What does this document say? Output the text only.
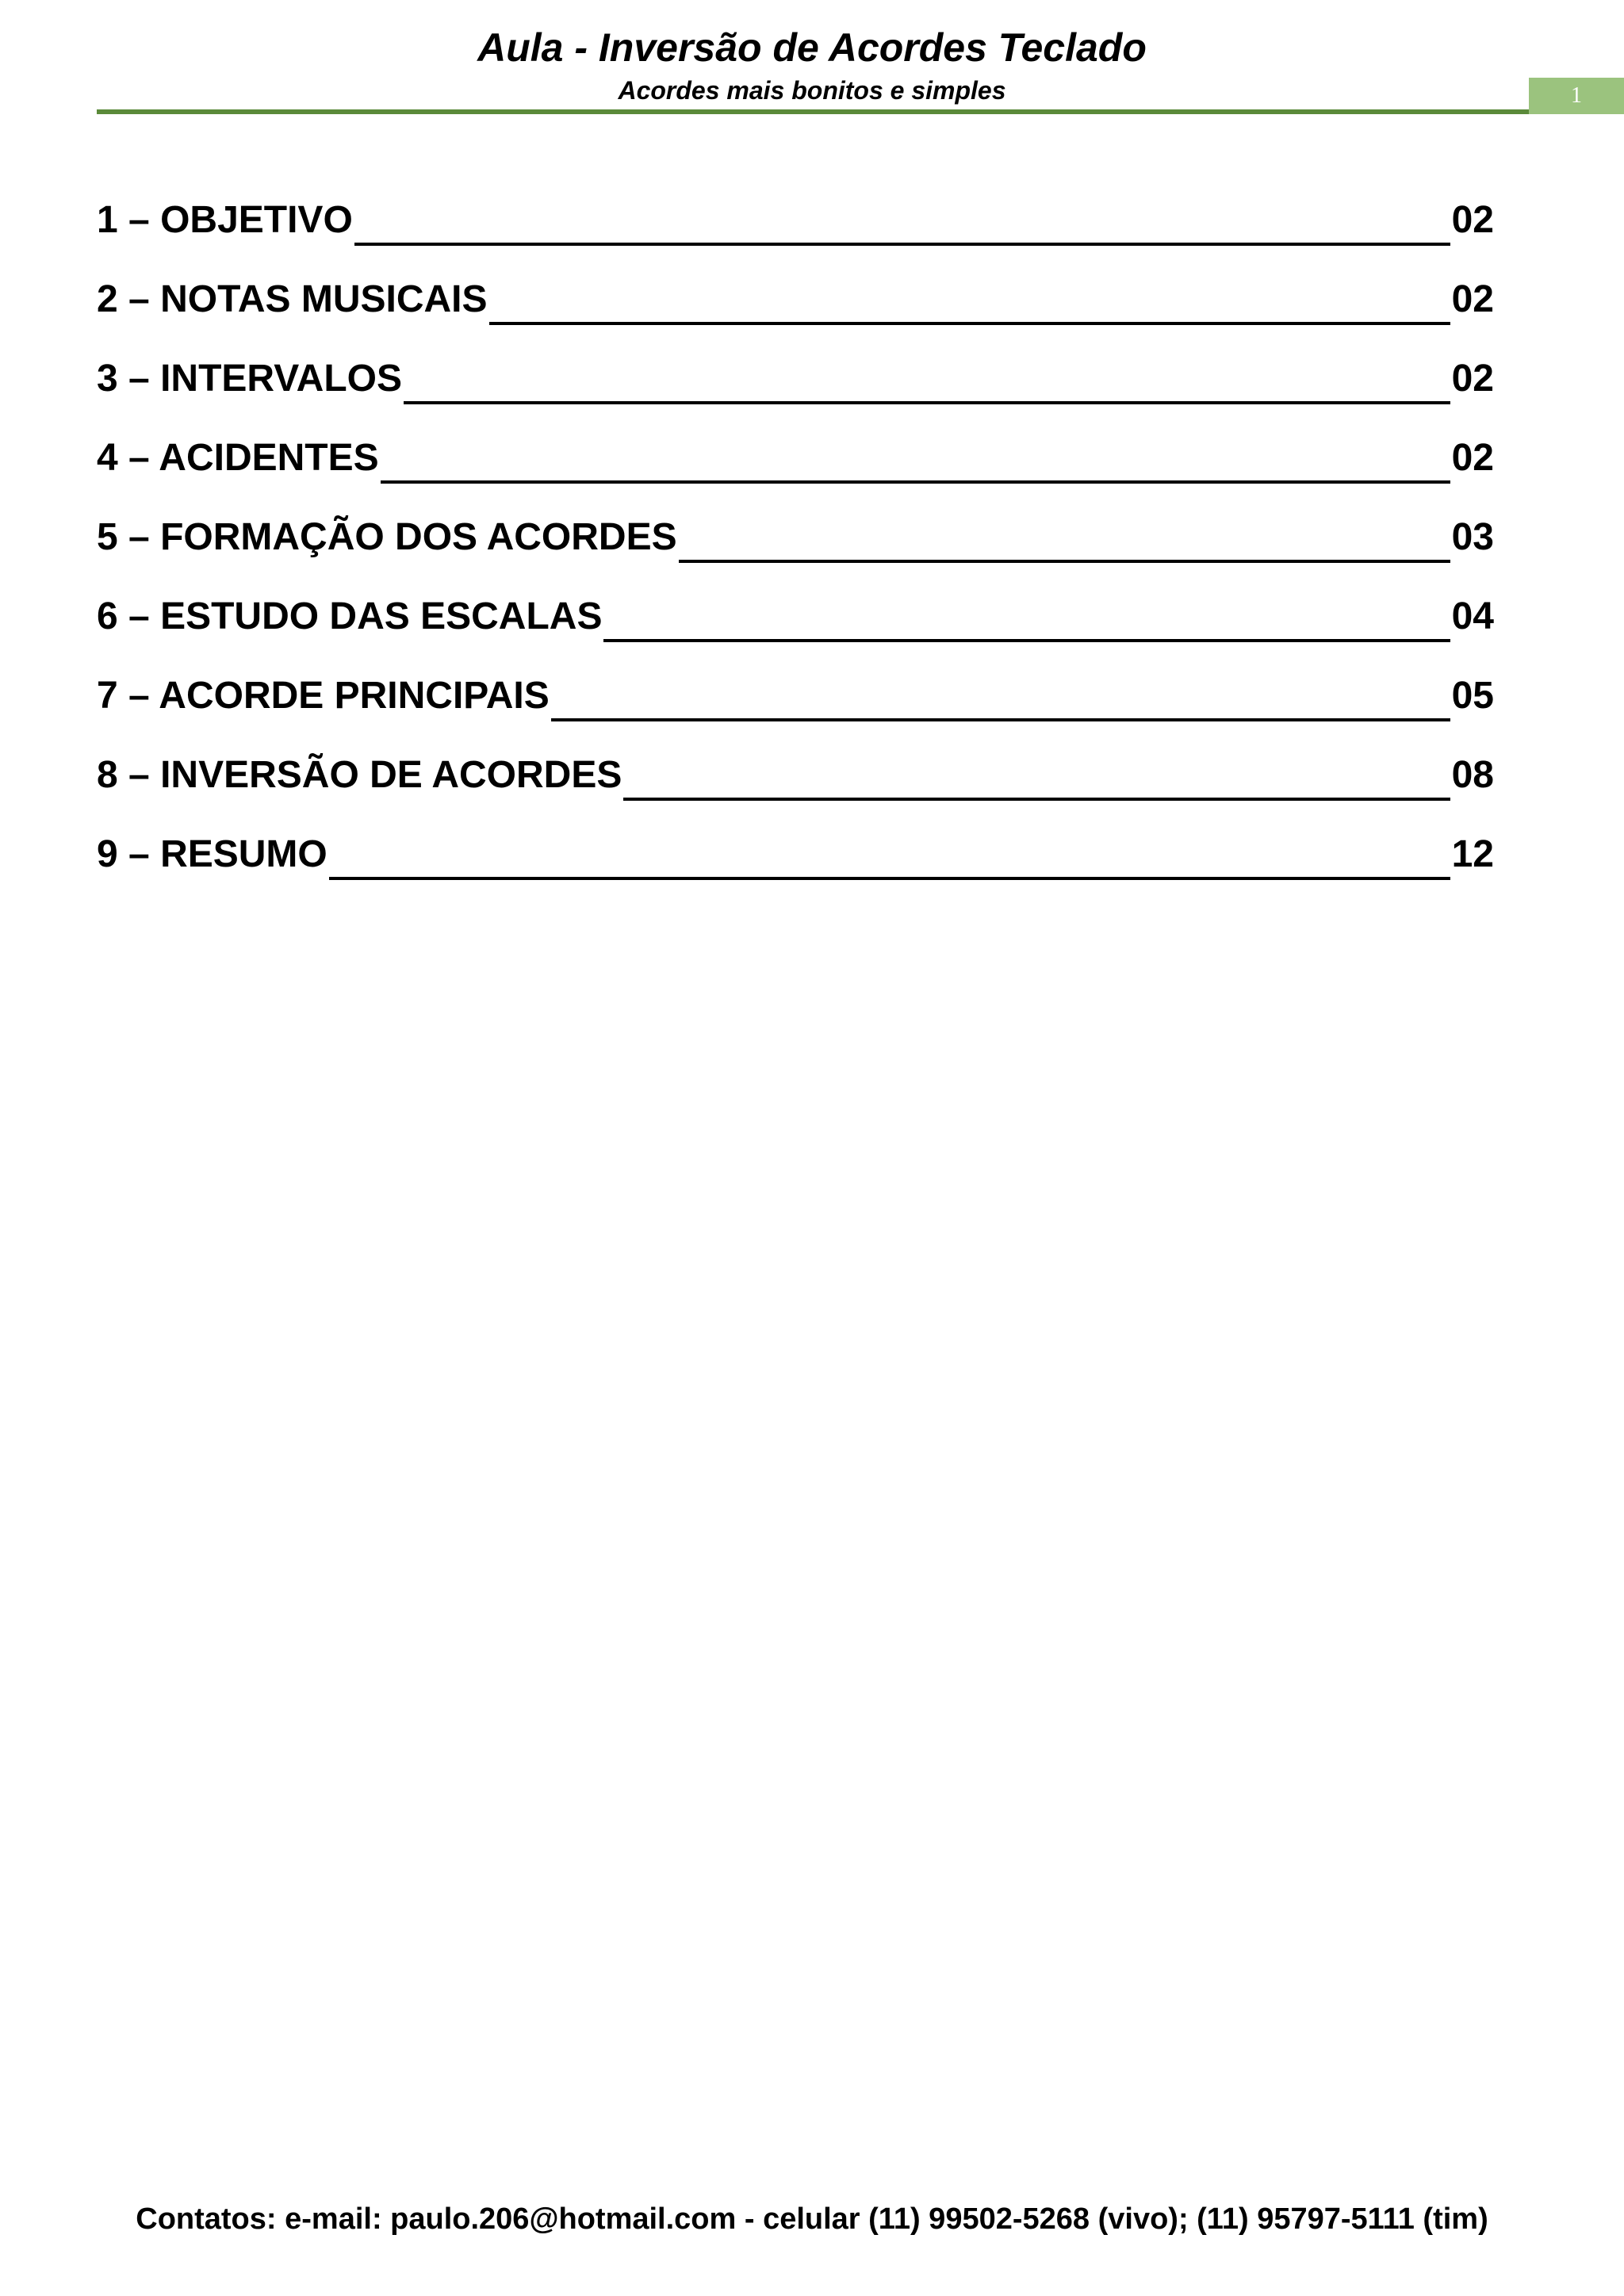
Aula - Inversão de Acordes Teclado
Acordes mais bonitos e simples	1
1 – OBJETIVO	02
2 – NOTAS MUSICAIS	02
3 – INTERVALOS	02
4 – ACIDENTES	02
5 – FORMAÇÃO DOS ACORDES	03
6 – ESTUDO DAS ESCALAS	04
7 – ACORDE PRINCIPAIS	05
8 – INVERSÃO DE ACORDES	08
9 – RESUMO	12
Contatos: e-mail: paulo.206@hotmail.com - celular (11) 99502-5268 (vivo); (11) 95797-5111 (tim)
